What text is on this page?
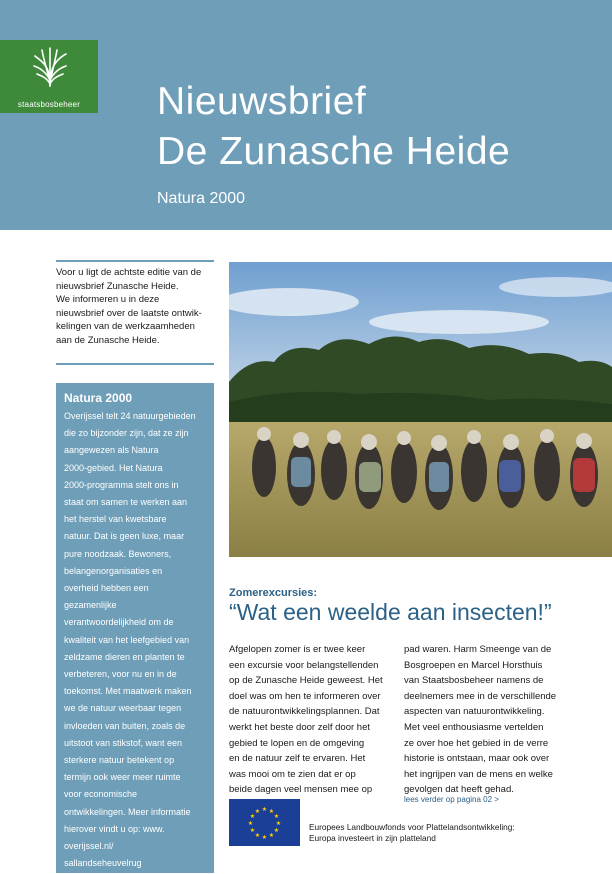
staatsbosbeheer	Nieuwsbrief
De Zunasche Heide
Natura 2000

Voor u ligt de achtste editie van de

nieuwsbrief Zunasche Heide.

We informeren u in deze

nieuwsbrief over de laatste ontwik-

kelingen van de werkzaamheden

aan de Zunasche Heide.

Natura 2000

Overijssel telt 24 natuurgebieden

die zo bijzonder zijn, dat ze zijn

aangewezen als Natura

2000-gebied. Het Natura

2000-programma stelt ons in

staat om samen te werken aan

het herstel van kwetsbare

natuur. Dat is geen luxe, maar

pure noodzaak. Bewoners,

belangenorganisaties en

overheid hebben een

gezamenlijke

verantwoordelijkheid om de

kwaliteit van het leefgebied van

zeldzame dieren en planten te

verbeteren, voor nu en in de

toekomst. Met maatwerk maken

we de natuur weerbaar tegen

invloeden van buiten, zoals de

uitstoot van stikstof, want een

sterkere natuur betekent op

termijn ook weer meer ruimte

voor economische

ontwikkelingen. Meer informatie

hierover vindt u op: www.

overijssel.nl/

sallandseheuvelrug

Zomerexcursies:
“Wat een weelde aan insecten!”

Afgelopen zomer is er twee keer

een excursie voor belangstellenden

op de Zunasche Heide geweest. Het

doel was om hen te informeren over

de natuurontwikkelingsplannen. Dat

werkt het beste door zelf door het

gebied te lopen en de omgeving

en de natuur zelf te ervaren. Het

was mooi om te zien dat er op

beide dagen veel mensen mee op

pad waren. Harm Smeenge van de

Bosgroepen en Marcel Horsthuis

van Staatsbosbeheer namens de

deelnemers mee in de verschillende

aspecten van natuurontwikkeling.

Met veel enthousiasme vertelden

ze over hoe het gebied in de verre

historie is ontstaan, maar ook over

het ingrijpen van de mens en welke

gevolgen dat heeft gehad.

lees verder op pagina 02 >
★ ★
★
★
★
★
★
★
★
★
★
★
Europees Landbouwfonds voor Plattelandsontwikkeling:
Europa investeert in zijn platteland
